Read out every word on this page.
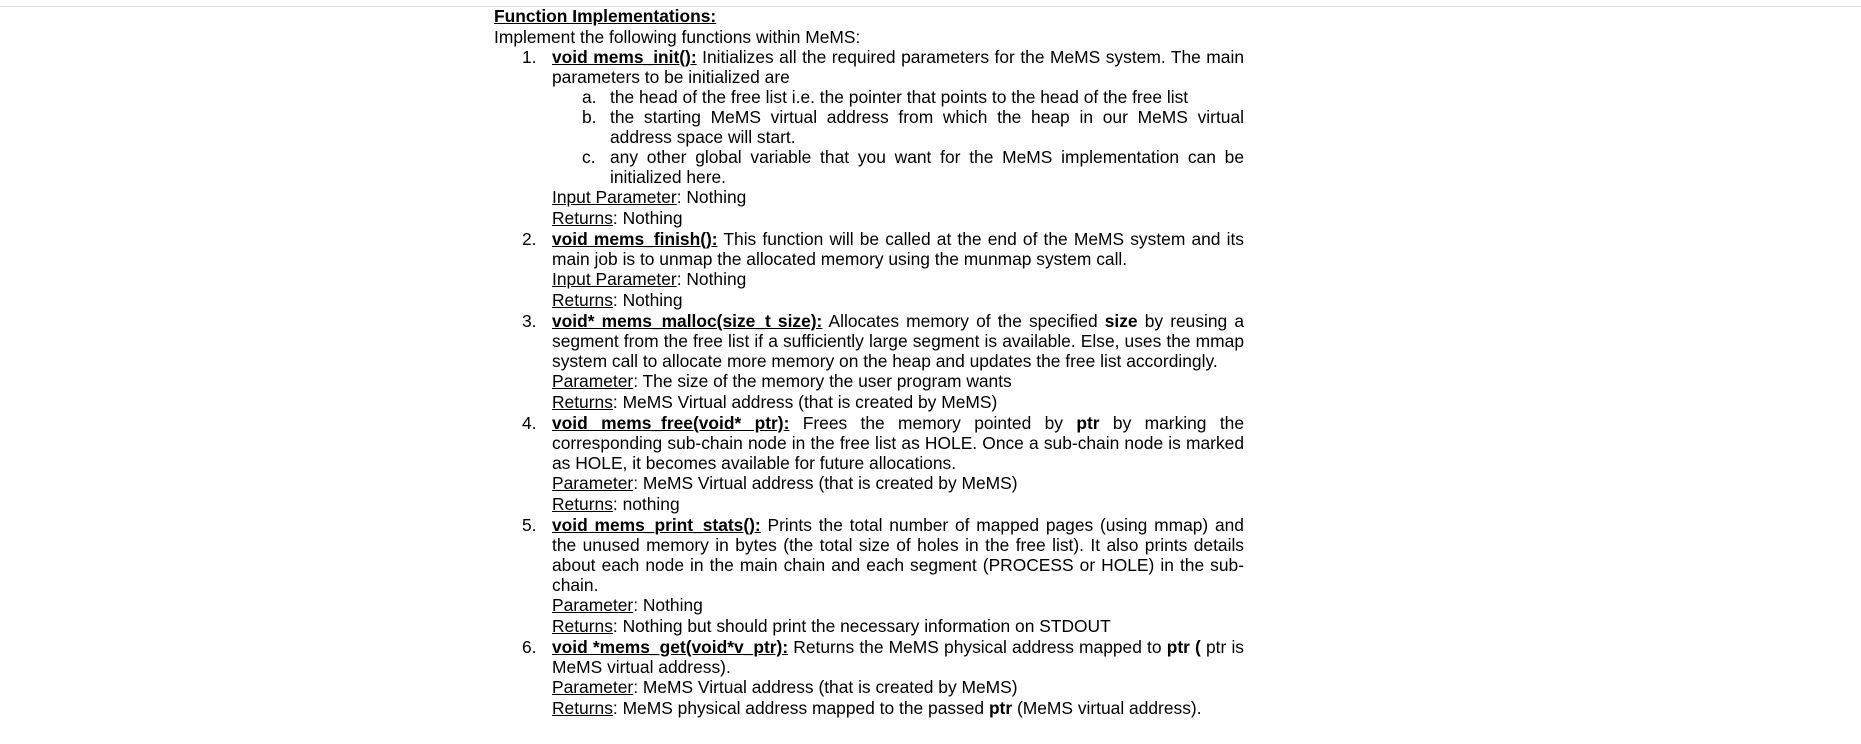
Function Implementations:

Implement the following functions within MeMS:

1. void mems_init(): Initializes all the required parameters for the MeMS system. The main parameters to be initialized are

a. the head of the free list i.e. the pointer that points to the head of the free list

b. the starting MeMS virtual address from which the heap in our MeMS virtual address space will start.

c. any other global variable that you want for the MeMS implementation can be initialized here.

Input Parameter: Nothing

Returns: Nothing

2. void mems_finish(): This function will be called at the end of the MeMS system and its main job is to unmap the allocated memory using the munmap system call.

Input Parameter: Nothing

Returns: Nothing

3. void* mems_malloc(size_t size): Allocates memory of the specified size by reusing a segment from the free list if a sufficiently large segment is available. Else, uses the mmap system call to allocate more memory on the heap and updates the free list accordingly.

Parameter: The size of the memory the user program wants

Returns: MeMS Virtual address (that is created by MeMS)

4. void mems_free(void* ptr): Frees the memory pointed by ptr by marking the corresponding sub-chain node in the free list as HOLE. Once a sub-chain node is marked as HOLE, it becomes available for future allocations.

Parameter: MeMS Virtual address (that is created by MeMS)

Returns: nothing

5. void mems_print_stats(): Prints the total number of mapped pages (using mmap) and the unused memory in bytes (the total size of holes in the free list). It also prints details about each node in the main chain and each segment (PROCESS or HOLE) in the sub-chain.

Parameter: Nothing

Returns: Nothing but should print the necessary information on STDOUT

6. void *mems_get(void*v_ptr): Returns the MeMS physical address mapped to ptr ( ptr is MeMS virtual address).

Parameter: MeMS Virtual address (that is created by MeMS)

Returns: MeMS physical address mapped to the passed ptr (MeMS virtual address).
